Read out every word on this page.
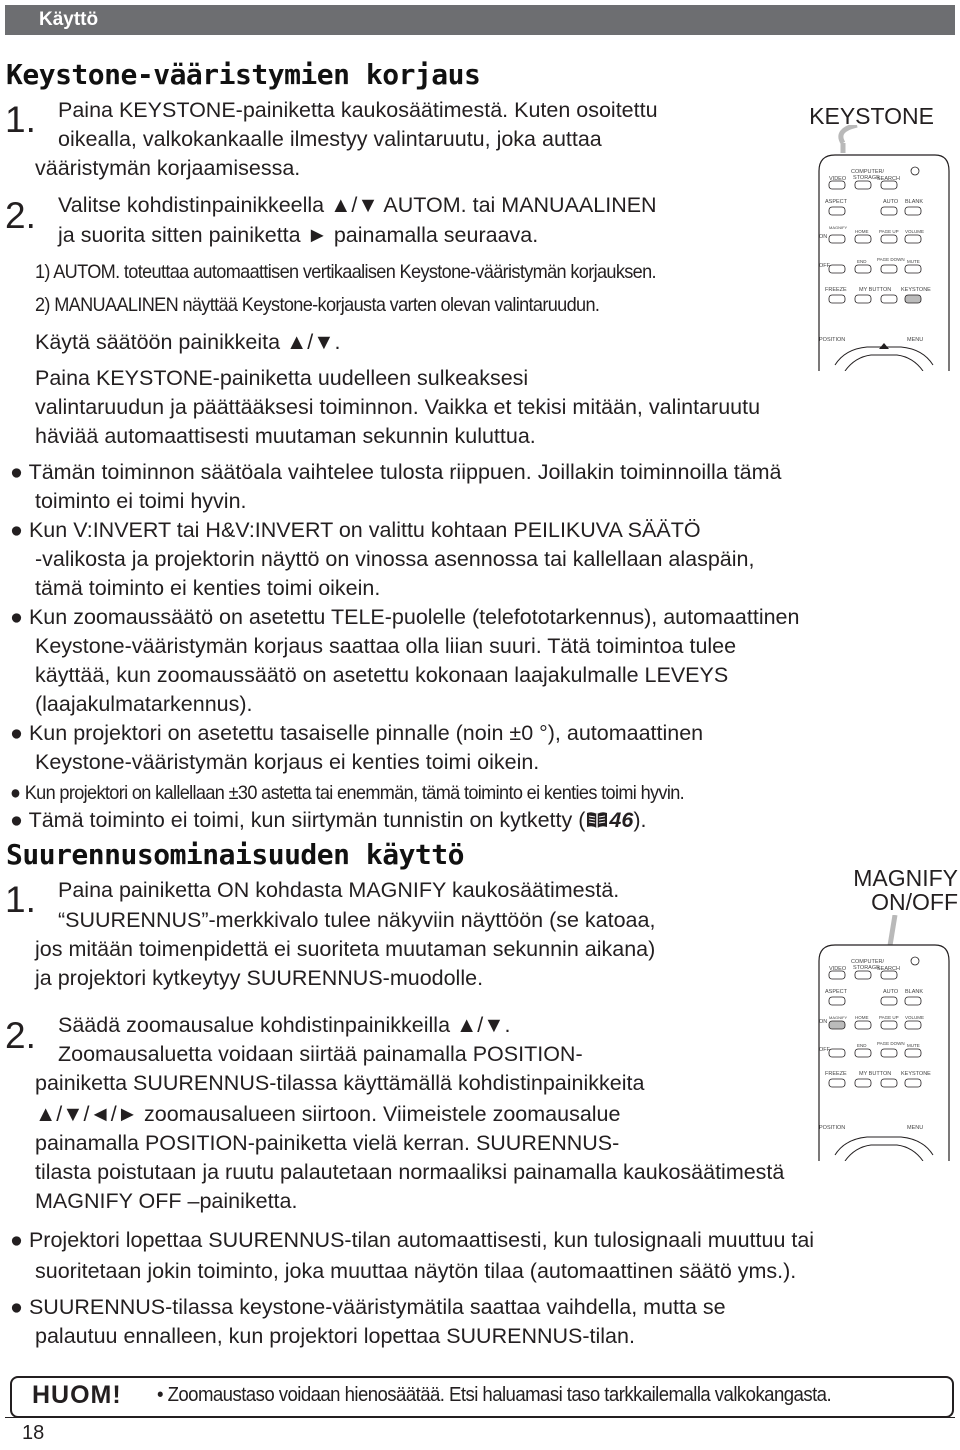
Käyttö
Keystone-vääristymien korjaus
1. Paina KEYSTONE-painiketta kaukosäätimestä. Kuten osoitettu
oikealla, valkokankaalle ilmestyy valintaruutu, joka auttaa
vääristymän korjaamisessa.
2. Valitse kohdistinpainikkeella ▲/▼ AUTOM. tai MANUAALINEN
ja suorita sitten painiketta ► painamalla seuraava.
1) AUTOM. toteuttaa automaattisen vertikaalisen Keystone-vääristymän korjauksen.
2) MANUAALINEN näyttää Keystone-korjausta varten olevan valintaruudun.
Käytä säätöön painikkeita ▲/▼.
Paina KEYSTONE-painiketta uudelleen sulkeaksesi
valintaruudun ja päättääksesi toiminnon. Vaikka et tekisi mitään, valintaruutu
häviää automaattisesti muutaman sekunnin kuluttua.
● Tämän toiminnon säätöala vaihtelee tulosta riippuen. Joillakin toiminnoilla tämä
toiminto ei toimi hyvin.
● Kun V:INVERT tai H&V:INVERT on valittu kohtaan PEILIKUVA SÄÄTÖ
-valikosta ja projektorin näyttö on vinossa asennossa tai kallellaan alaspäin,
tämä toiminto ei kenties toimi oikein.
● Kun zoomaussäätö on asetettu TELE-puolelle (telefototarkennus), automaattinen
Keystone-vääristymän korjaus saattaa olla liian suuri. Tätä toimintoa tulee
käyttää, kun zoomaussäätö on asetettu kokonaan laajakulmalle LEVEYS
(laajakulmatarkennus).
● Kun projektori on asetettu tasaiselle pinnalle (noin ±0 °), automaattinen
Keystone-vääristymän korjaus ei kenties toimi oikein.
● Kun projektori on kallellaan ±30 astetta tai enemmän, tämä toiminto ei kenties toimi hyvin.
● Tämä toiminto ei toimi, kun siirtymän tunnistin on kytketty ( 46).
KEYSTONE
Suurennusominaisuuden käyttö
1. Paina painiketta ON kohdasta MAGNIFY kaukosäätimestä.
“SUURENNUS”-merkkivalo tulee näkyviin näyttöön (se katoaa,
jos mitään toimenpidettä ei suoriteta muutaman sekunnin aikana)
ja projektori kytkeytyy SUURENNUS-muodolle.
2. Säädä zoomausalue kohdistinpainikkeilla ▲/▼.
Zoomausaluetta voidaan siirtää painamalla POSITION-
painiketta SUURENNUS-tilassa käyttämällä kohdistinpainikkeita
▲/▼/◄/► zoomausalueen siirtoon. Viimeistele zoomausalue
painamalla POSITION-painiketta vielä kerran. SUURENNUS-
tilasta poistutaan ja ruutu palautetaan normaaliksi painamalla kaukosäätimestä
MAGNIFY OFF –painiketta.
● Projektori lopettaa SUURENNUS-tilan automaattisesti, kun tulosignaali muuttuu tai
suoritetaan jokin toiminto, joka muuttaa näytön tilaa (automaattinen säätö yms.).
● SUURENNUS-tilassa keystone-vääristymätila saattaa vaihdella, mutta se
palautuu ennalleen, kun projektori lopettaa SUURENNUS-tilan.
MAGNIFY
ON/OFF
VIDEO
COMPUTER/
STORAGE
SEARCH
ASPECT	AUTO BLANK
MAGNIFY
ON
HOME PAGE UP VOLUME
OFF
END PAGE DOWN MUTE
FREEZE MY BUTTON KEYSTONE
POSITION	MENU
VIDEO
COMPUTER/
STORAGE
SEARCH
ASPECT	AUTO BLANK
MAGNIFY
ON
HOME PAGE UP VOLUME
OFF
END PAGE DOWN MUTE
FREEZE MY BUTTON KEYSTONE
POSITION	MENU
HUOM! • Zoomaustaso voidaan hienosäätää. Etsi haluamasi taso tarkkailemalla valkokangasta.
18
